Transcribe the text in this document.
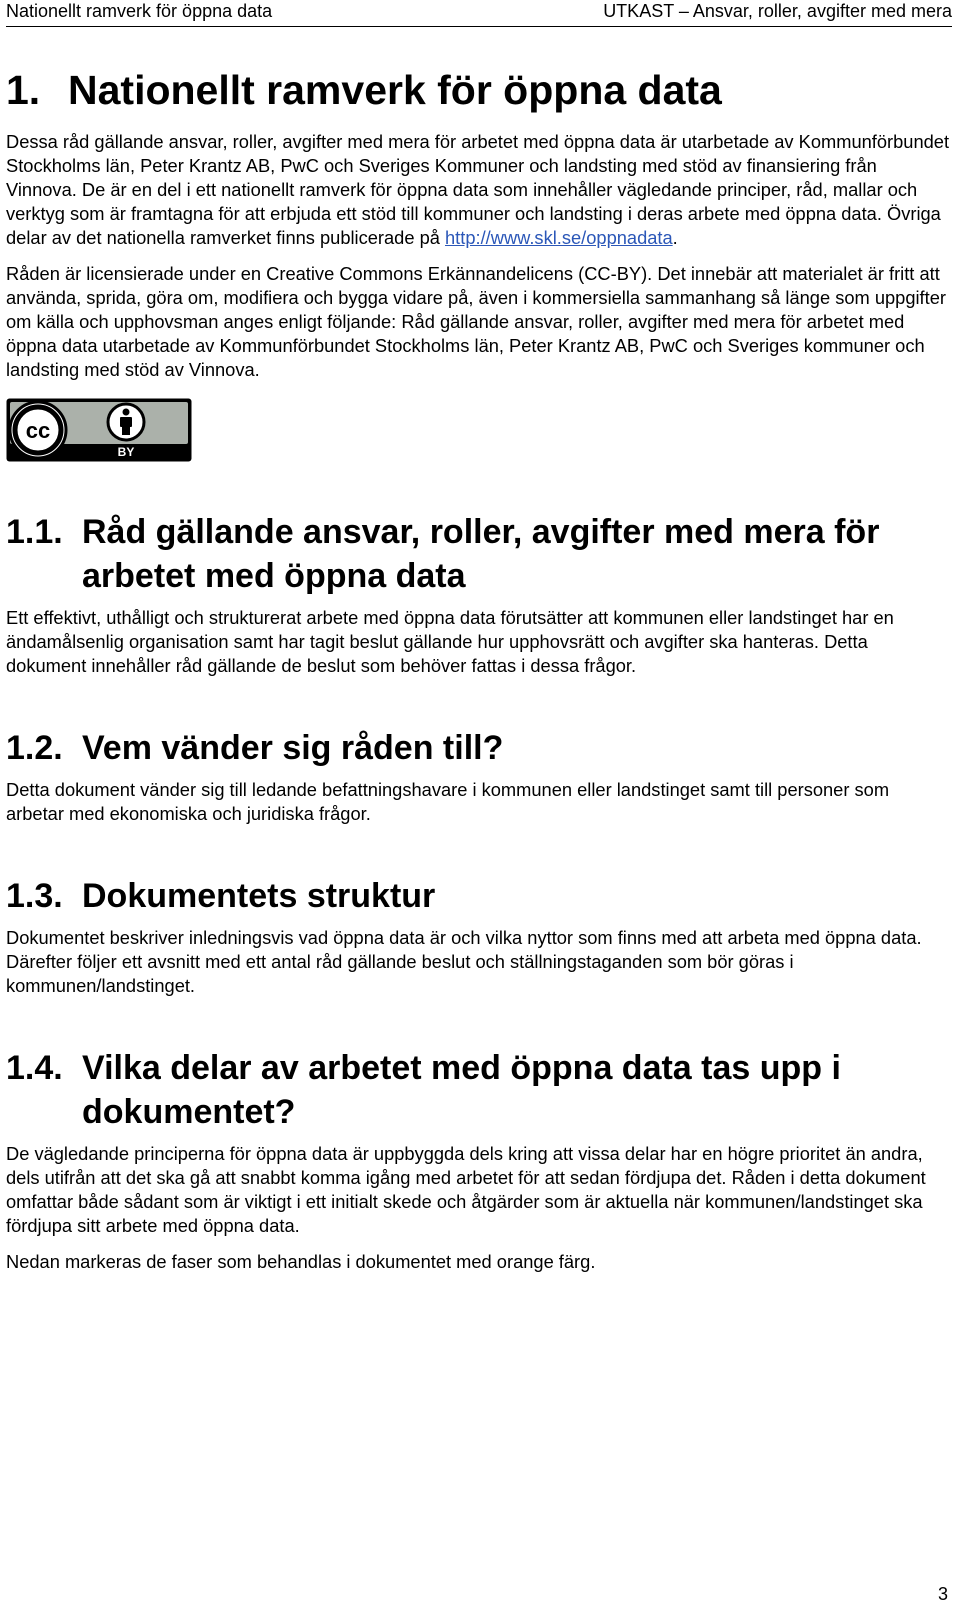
Nationellt ramverk för öppna data	UTKAST – Ansvar, roller, avgifter med mera
1. Nationellt ramverk för öppna data

Dessa råd gällande ansvar, roller, avgifter med mera för arbetet med öppna data är utarbetade av Kommunförbundet Stockholms län, Peter Krantz AB, PwC och Sveriges Kommuner och landsting med stöd av finansiering från Vinnova. De är en del i ett nationellt ramverk för öppna data som innehåller vägledande principer, råd, mallar och verktyg som är framtagna för att erbjuda ett stöd till kommuner och landsting i deras arbete med öppna data. Övriga delar av det nationella ramverket finns publicerade på http://www.skl.se/oppnadata.

Råden är licensierade under en Creative Commons Erkännandelicens (CC-BY). Det innebär att materialet är fritt att använda, sprida, göra om, modifiera och bygga vidare på, även i kommersiella sammanhang så länge som uppgifter om källa och upphovsman anges enligt följande: Råd gällande ansvar, roller, avgifter med mera för arbetet med öppna data utarbetade av Kommunförbundet Stockholms län, Peter Krantz AB, PwC och Sveriges kommuner och landsting med stöd av Vinnova.

cc
BY
1.1. Råd gällande ansvar, roller, avgifter med mera för arbetet med öppna data

Ett effektivt, uthålligt och strukturerat arbete med öppna data förutsätter att kommunen eller landstinget har en ändamålsenlig organisation samt har tagit beslut gällande hur upphovsrätt och avgifter ska hanteras. Detta dokument innehåller råd gällande de beslut som behöver fattas i dessa frågor.

1.2. Vem vänder sig råden till?

Detta dokument vänder sig till ledande befattningshavare i kommunen eller landstinget samt till personer som arbetar med ekonomiska och juridiska frågor.

1.3. Dokumentets struktur

Dokumentet beskriver inledningsvis vad öppna data är och vilka nyttor som finns med att arbeta med öppna data. Därefter följer ett avsnitt med ett antal råd gällande beslut och ställningstaganden som bör göras i kommunen/landstinget.

1.4. Vilka delar av arbetet med öppna data tas upp i dokumentet?

De vägledande principerna för öppna data är uppbyggda dels kring att vissa delar har en högre prioritet än andra, dels utifrån att det ska gå att snabbt komma igång med arbetet för att sedan fördjupa det. Råden i detta dokument omfattar både sådant som är viktigt i ett initialt skede och åtgärder som är aktuella när kommunen/landstinget ska fördjupa sitt arbete med öppna data.

Nedan markeras de faser som behandlas i dokumentet med orange färg.

3
